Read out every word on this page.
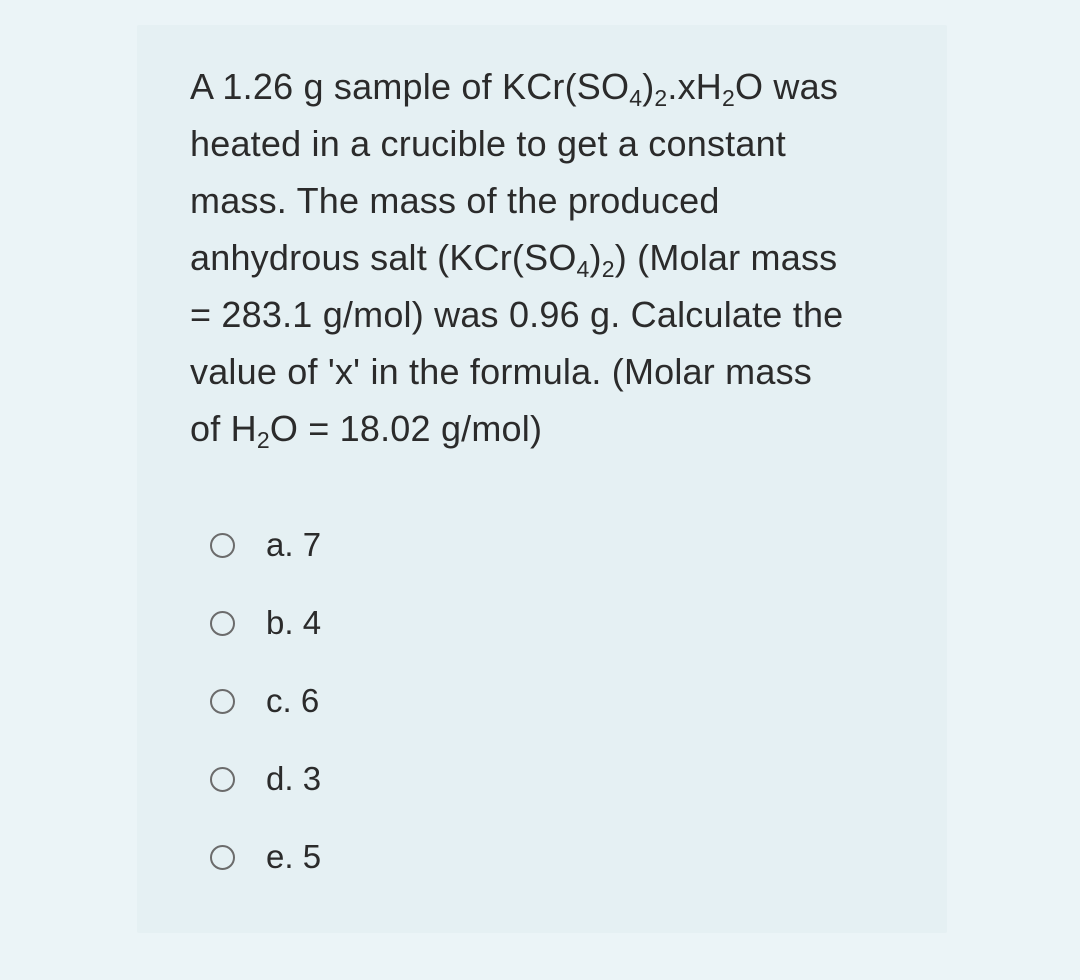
A 1.26 g sample of $KCr(SO_4)_2.xH_2O$ was
heated in a crucible to get a constant
mass. The mass of the produced
anhydrous salt $(KCr(SO_4)_2)$ (Molar mass
= 283.1 g/mol) was 0.96 g. Calculate the
value of 'x' in the formula. (Molar mass
of $H_2O = 18.02$ g/mol)
a. 7
b. 4
c. 6
d. 3
e. 5
